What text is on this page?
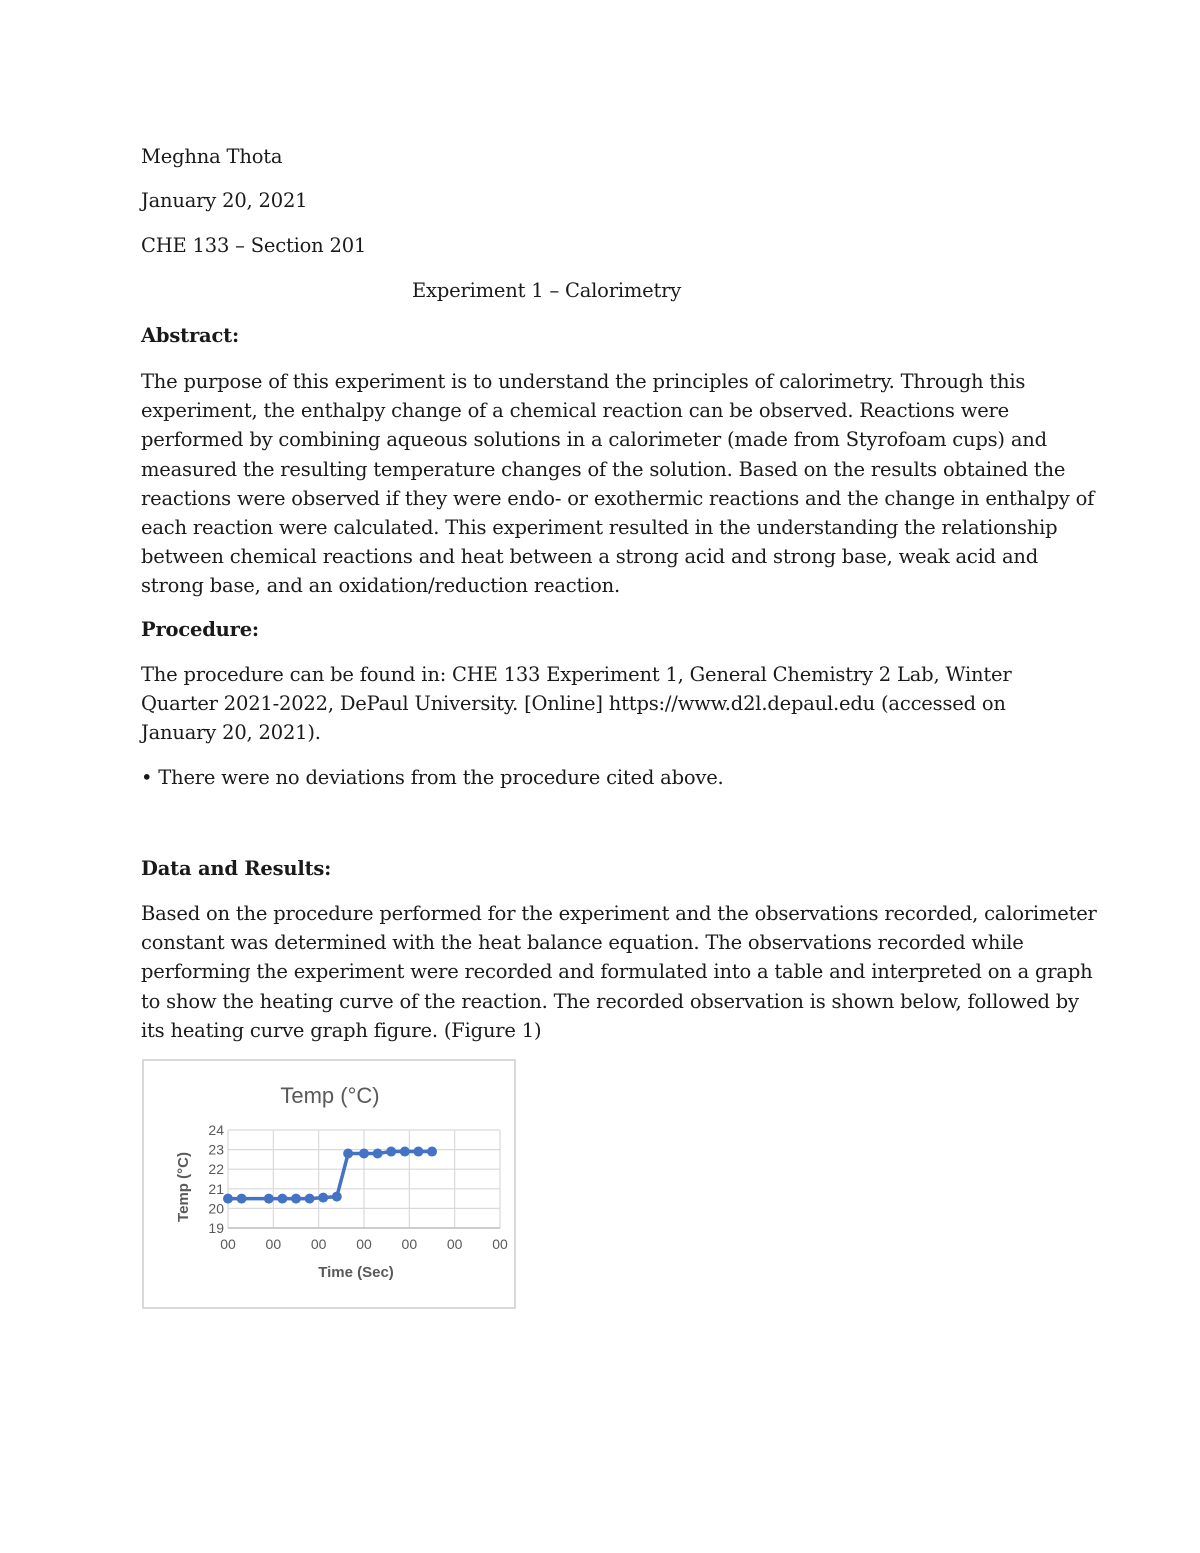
Meghna Thota
January 20, 2021
CHE 133 – Section 201
Experiment 1 – Calorimetry
Abstract:
The purpose of this experiment is to understand the principles of calorimetry. Through this
experiment, the enthalpy change of a chemical reaction can be observed. Reactions were
performed by combining aqueous solutions in a calorimeter (made from Styrofoam cups) and
measured the resulting temperature changes of the solution. Based on the results obtained the
reactions were observed if they were endo- or exothermic reactions and the change in enthalpy of
each reaction were calculated. This experiment resulted in the understanding the relationship
between chemical reactions and heat between a strong acid and strong base, weak acid and
strong base, and an oxidation/reduction reaction.
Procedure:
The procedure can be found in: CHE 133 Experiment 1, General Chemistry 2 Lab, Winter
Quarter 2021-2022, DePaul University. [Online] https://www.d2l.depaul.edu (accessed on
January 20, 2021).
• There were no deviations from the procedure cited above.
Data and Results:
Based on the procedure performed for the experiment and the observations recorded, calorimeter
constant was determined with the heat balance equation. The observations recorded while
performing the experiment were recorded and formulated into a table and interpreted on a graph
to show the heating curve of the reaction. The recorded observation is shown below, followed by
its heating curve graph figure. (Figure 1)
Temp (°C)
19
20
21
22
23
24
00 00 00 00 00 00 00
Time (Sec)
Temp (°C)
